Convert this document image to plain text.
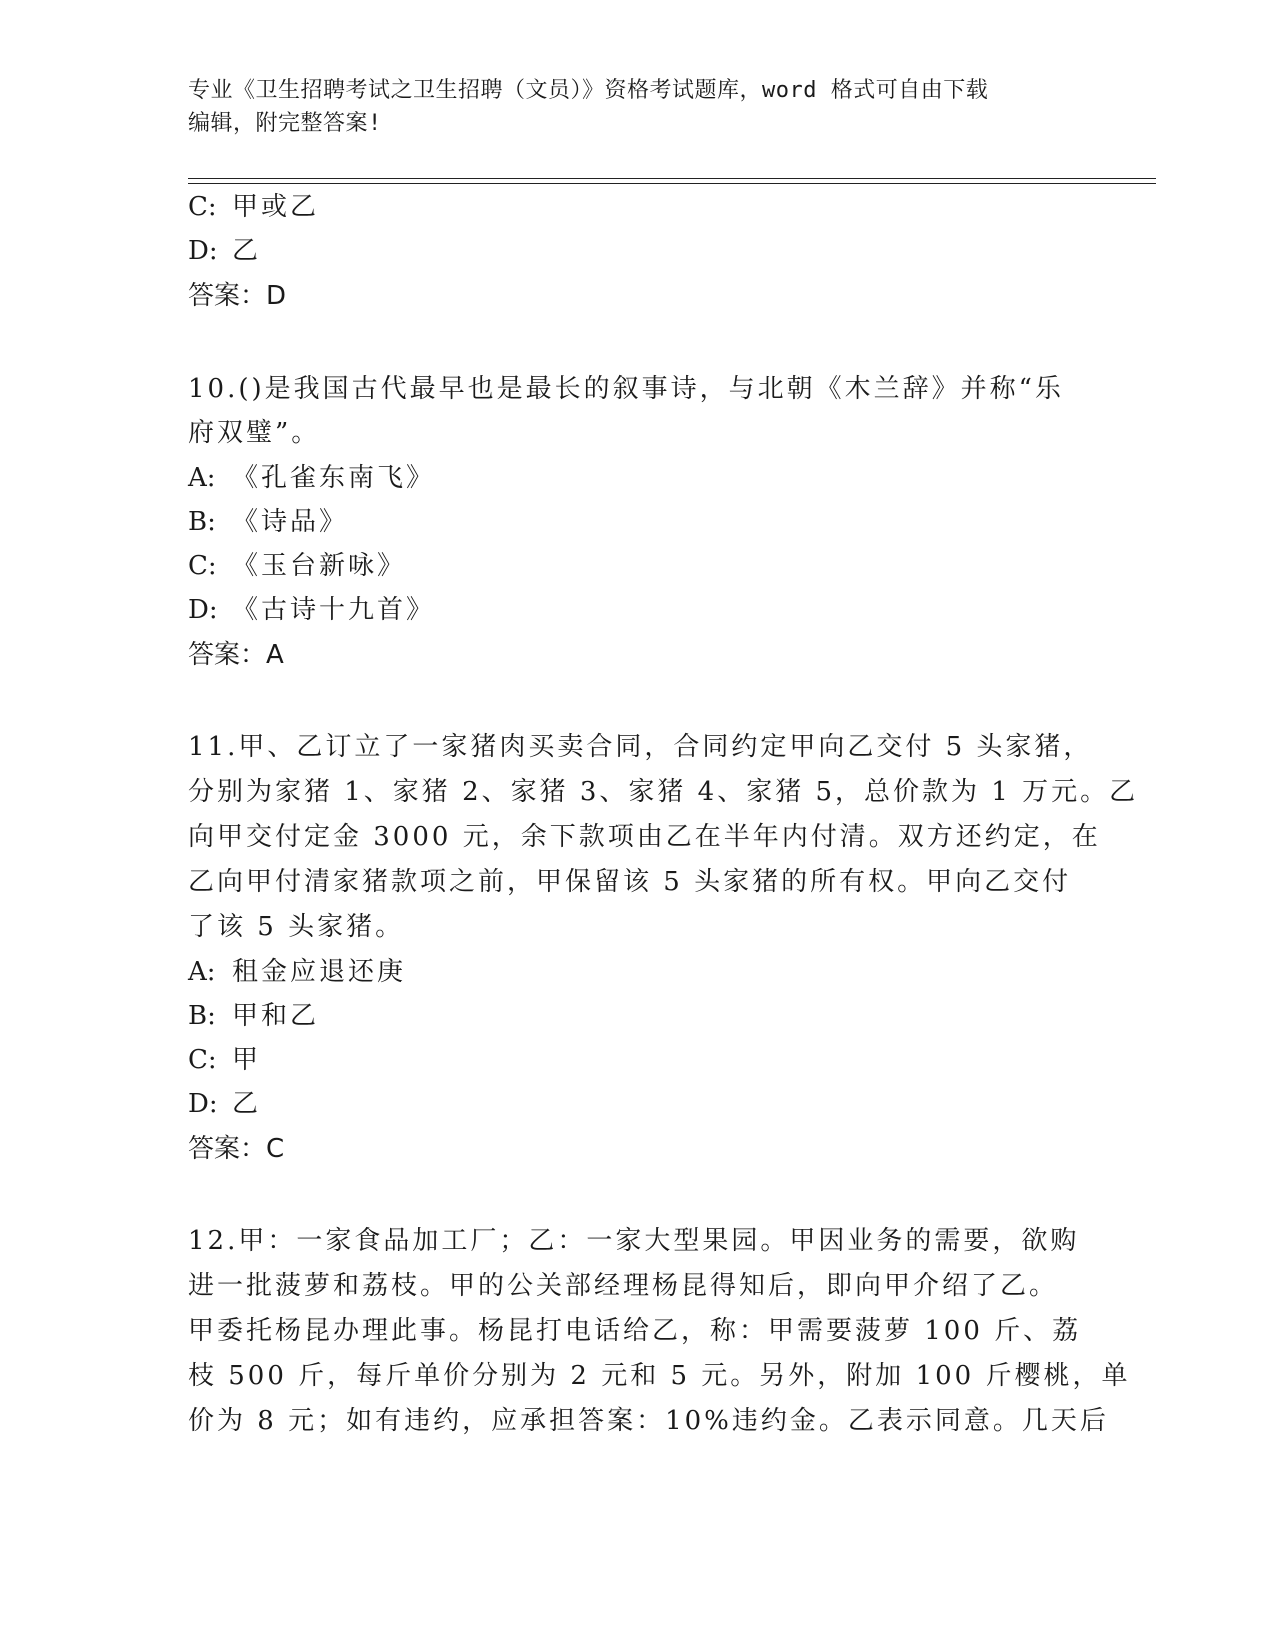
专业《卫生招聘考试之卫生招聘（文员）》资格考试题库，word 格式可自由下载
编辑，附完整答案!
C: 甲或乙
D: 乙
答案：D
10.()是我国古代最早也是最长的叙事诗，与北朝《木兰辞》并称“乐
府双璧”。
A: 《孔雀东南飞》
B: 《诗品》
C: 《玉台新咏》
D: 《古诗十九首》
答案：A
11.甲、乙订立了一家猪肉买卖合同，合同约定甲向乙交付 5 头家猪，
分别为家猪 1、家猪 2、家猪 3、家猪 4、家猪 5，总价款为 1 万元。乙
向甲交付定金 3000 元，余下款项由乙在半年内付清。双方还约定，在
乙向甲付清家猪款项之前，甲保留该 5 头家猪的所有权。甲向乙交付
了该 5 头家猪。
A: 租金应退还庚
B: 甲和乙
C: 甲
D: 乙
答案：C
12.甲：一家食品加工厂；乙：一家大型果园。甲因业务的需要，欲购
进一批菠萝和荔枝。甲的公关部经理杨昆得知后，即向甲介绍了乙。
甲委托杨昆办理此事。杨昆打电话给乙，称：甲需要菠萝 100 斤、荔
枝 500 斤，每斤单价分别为 2 元和 5 元。另外，附加 100 斤樱桃，单
价为 8 元；如有违约，应承担答案：10%违约金。乙表示同意。几天后
